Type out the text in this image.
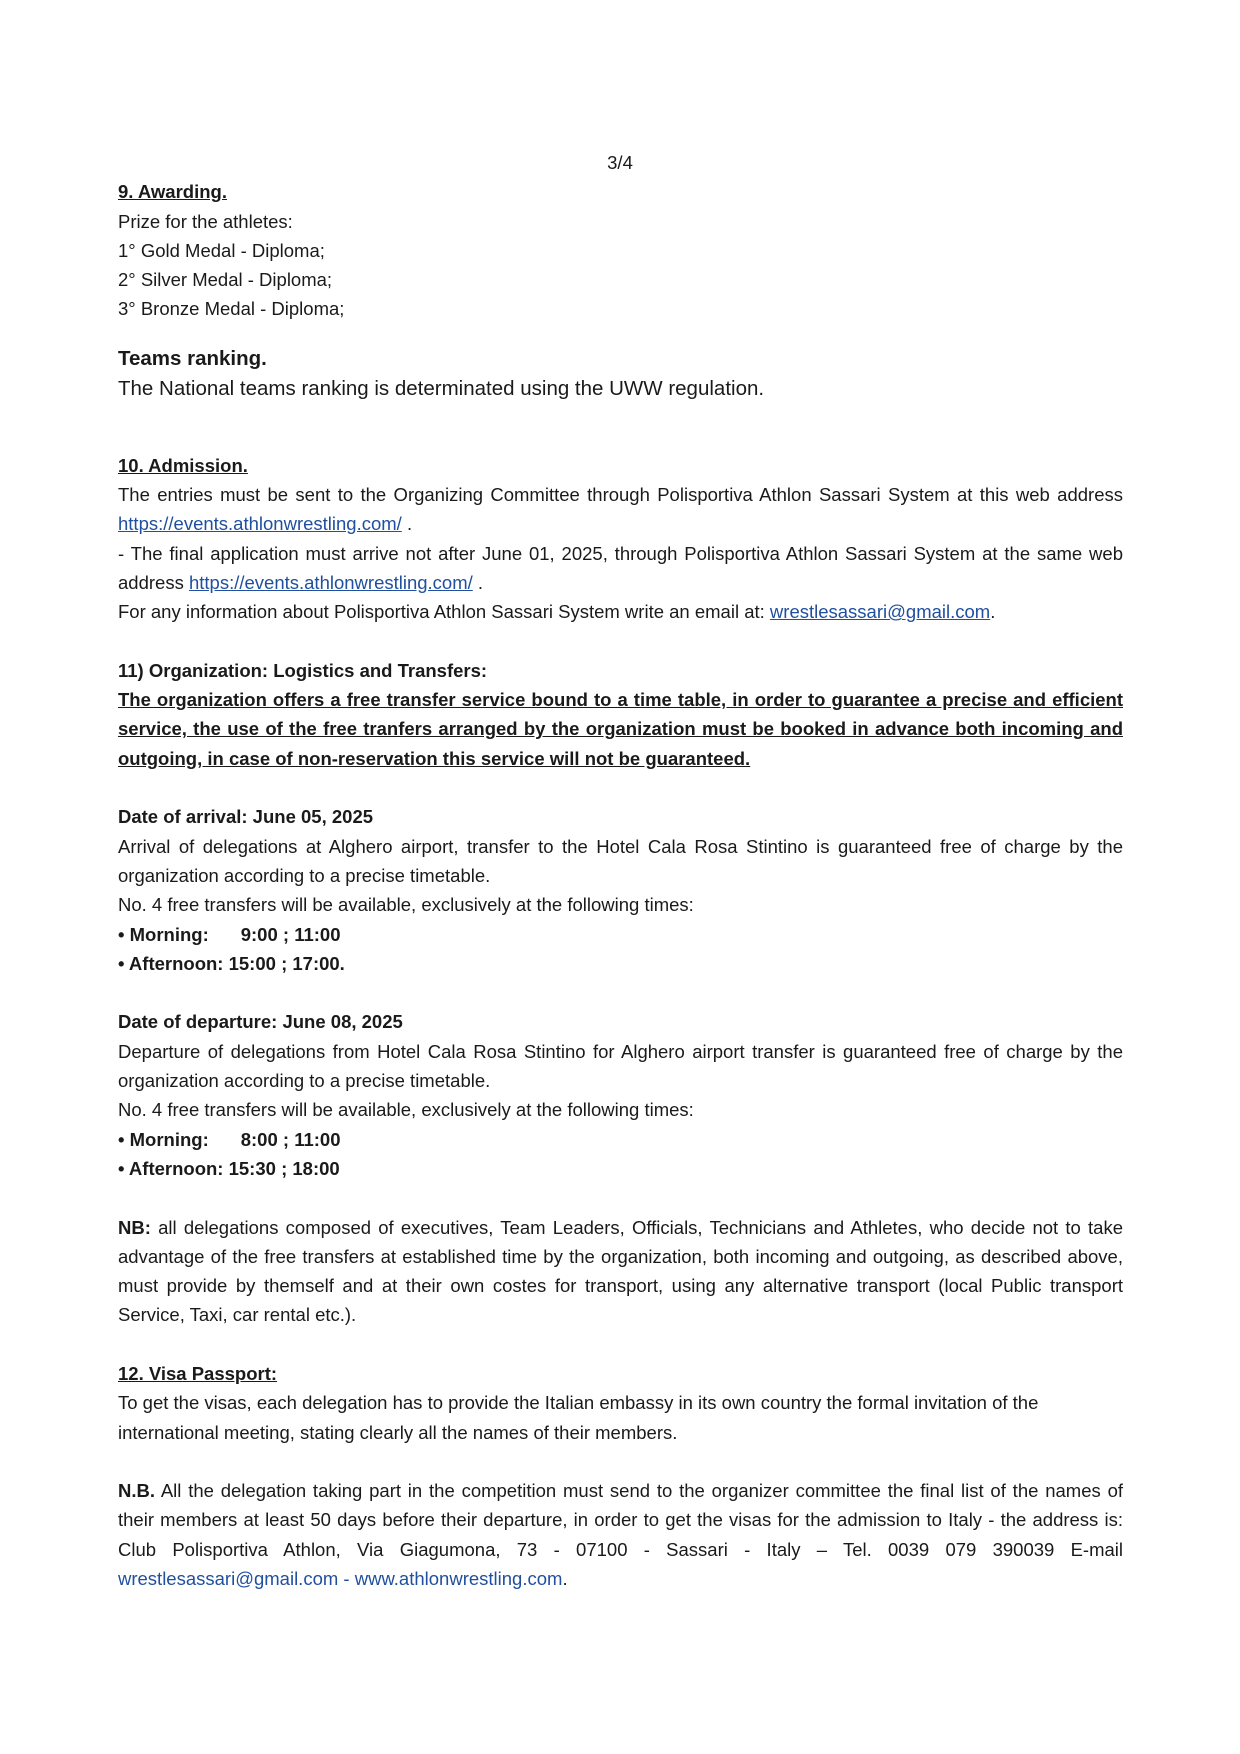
3/4
9. Awarding.
Prize for the athletes:
1° Gold Medal - Diploma;
2° Silver Medal - Diploma;
3° Bronze Medal - Diploma;
Teams ranking.
The National teams ranking is determinated using the UWW regulation.
10. Admission.
The entries must be sent to the Organizing Committee through Polisportiva Athlon Sassari System at this web address https://events.athlonwrestling.com/ .
- The final application must arrive not after June 01, 2025, through Polisportiva Athlon Sassari System at the same web address https://events.athlonwrestling.com/ .
For any information about Polisportiva Athlon Sassari System write an email at: wrestlesassari@gmail.com.
11) Organization: Logistics and Transfers:
The organization offers a free transfer service bound to a time table, in order to guarantee a precise and efficient service, the use of the free tranfers arranged by the organization must be booked in advance both incoming and outgoing, in case of non-reservation this service will not be guaranteed.
Date of arrival: June 05, 2025
Arrival of delegations at Alghero airport, transfer to the Hotel Cala Rosa Stintino is guaranteed free of charge by the organization according to a precise timetable.
No. 4 free transfers will be available, exclusively at the following times:
• Morning: 9:00 ; 11:00
• Afternoon: 15:00 ; 17:00.
Date of departure: June 08, 2025
Departure of delegations from Hotel Cala Rosa Stintino for Alghero airport transfer is guaranteed free of charge by the organization according to a precise timetable.
No. 4 free transfers will be available, exclusively at the following times:
• Morning: 8:00 ; 11:00
• Afternoon: 15:30 ; 18:00
NB: all delegations composed of executives, Team Leaders, Officials, Technicians and Athletes, who decide not to take advantage of the free transfers at established time by the organization, both incoming and outgoing, as described above, must provide by themself and at their own costes for transport, using any alternative transport (local Public transport Service, Taxi, car rental etc.).
12. Visa Passport:
To get the visas, each delegation has to provide the Italian embassy in its own country the formal invitation of the international meeting, stating clearly all the names of their members.
N.B. All the delegation taking part in the competition must send to the organizer committee the final list of the names of their members at least 50 days before their departure, in order to get the visas for the admission to Italy - the address is: Club Polisportiva Athlon, Via Giagumona, 73 - 07100 - Sassari - Italy – Tel. 0039 079 390039 E-mail wrestlesassari@gmail.com - www.athlonwrestling.com.
